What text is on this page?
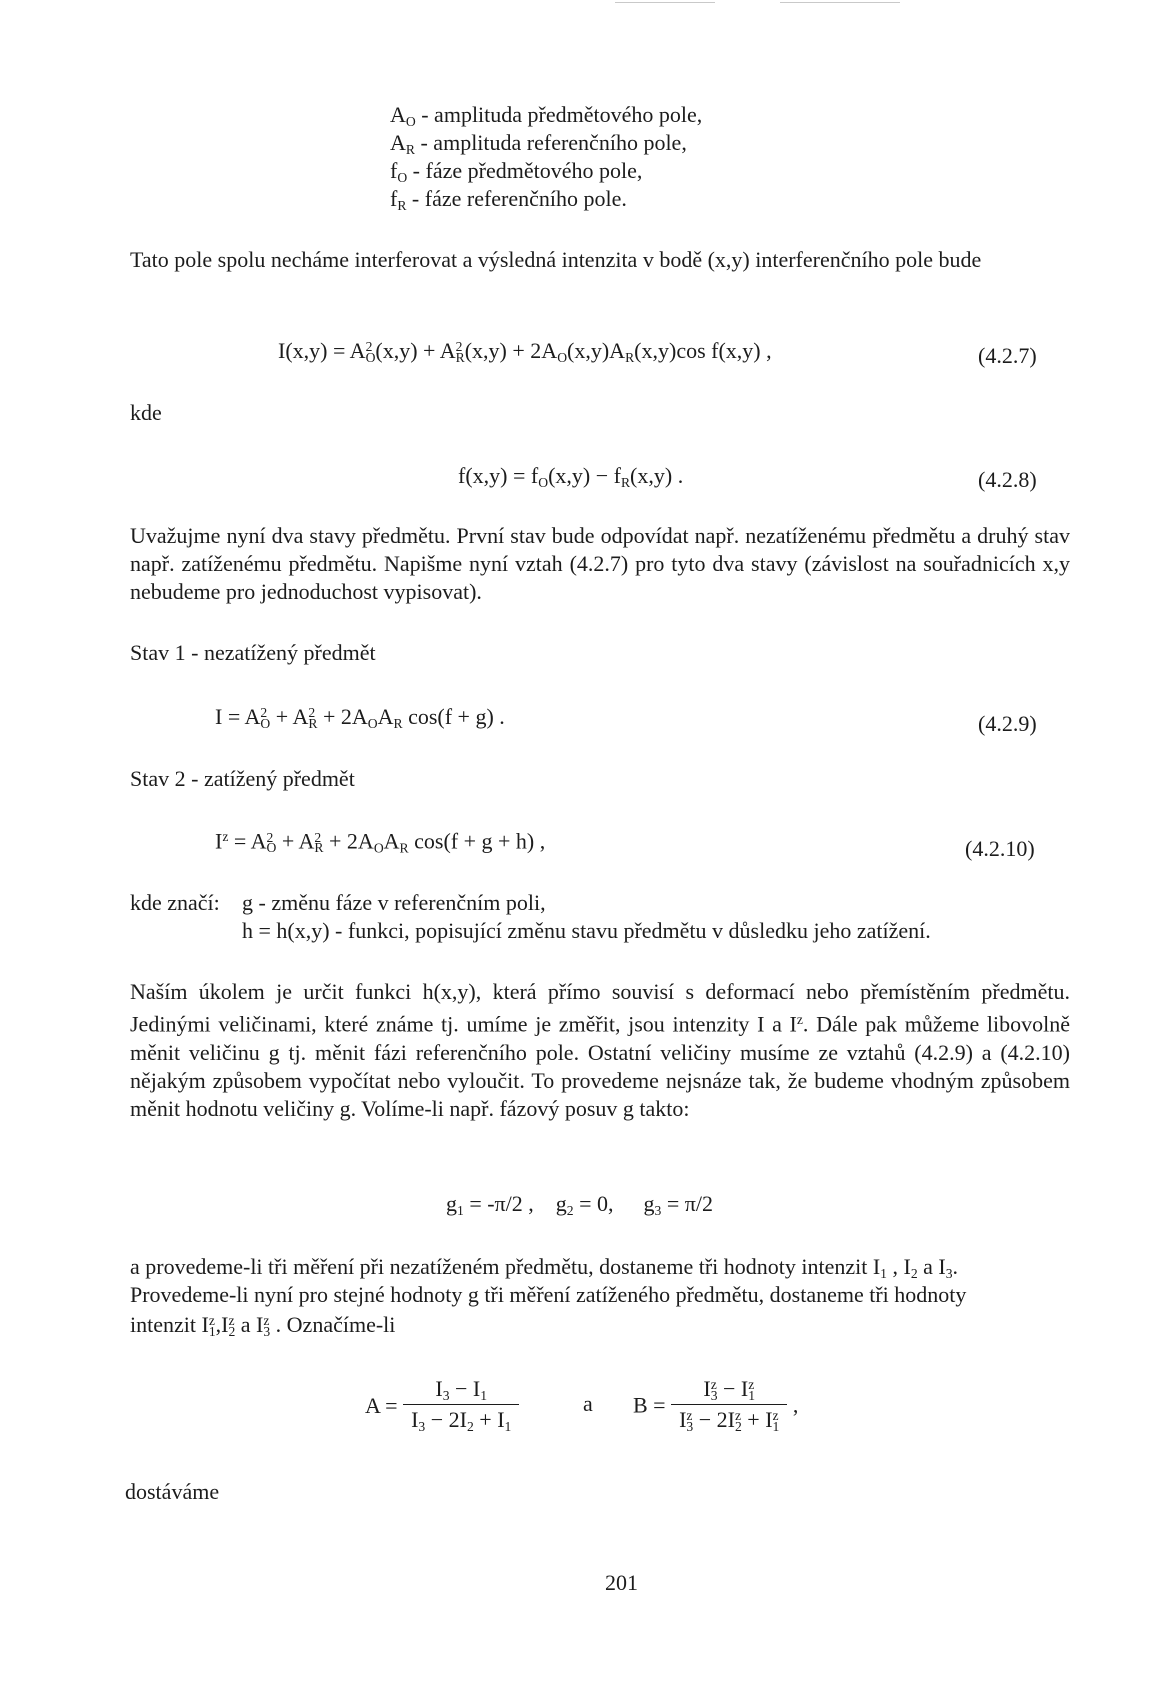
$A_O$ - amplituda předmětového pole,
$A_R$ - amplituda referenčního pole,
$f_O$ - fáze předmětového pole,
$f_R$ - fáze referenčního pole.
Tato pole spolu necháme interferovat a výsledná intenzita v bodě (x,y) interferenčního pole bude
I(x,y) = A 2
O (x,y) + A 2
R $(x,y) + 2A_O(x,y)A_R(x,y)\cos$ f(x,y) ,	(4.2.7)
kde
$f(x,y) = f_O(x,y) - f_R(x,y)$ .	(4.2.8)
Uvažujme nyní dva stavy předmětu. První stav bude odpovídat např. nezatíženému předmětu a druhý stav např. zatíženému předmětu. Napišme nyní vztah (4.2.7) pro tyto dva stavy (závislost na souřadnicích x,y nebudeme pro jednoduchost vypisovat).
Stav 1 - nezatížený předmět
I = A 2
O + A 2
$R + 2A_OA_R$ cos(f + g) .	(4.2.9)
Stav 2 - zatížený předmět
$I^z = A$ 2
O + A 2
$R + 2A_OA_R$ cos(f + g + h) ,	(4.2.10)
kde značí: g - změnu fáze v referenčním poli,
h = h(x,y) - funkci, popisující změnu stavu předmětu v důsledku jeho zatížení.
Naším úkolem je určit funkci h(x,y), která přímo souvisí s deformací nebo přemístěním předmětu. Jedinými veličinami, které známe tj. umíme je změřit, jsou intenzity I a $I^z$. Dále pak můžeme libovolně měnit veličinu g tj. měnit fázi referenčního pole. Ostatní veličiny musíme ze vztahů (4.2.9) a (4.2.10) nějakým způsobem vypočítat nebo vyloučit. To provedeme nejsnáze tak, že budeme vhodným způsobem měnit hodnotu veličiny g. Volíme-li např. fázový posuv g takto:
$g_1 = -\pi/2$ , $g_2 = 0$, $g_3 = \pi/2$
a provedeme-li tři měření při nezatíženém předmětu, dostaneme tři hodnoty intenzit $I_1$ , $I_2$ a $I_3$.
Provedeme-li nyní pro stejné hodnoty g tři měření zatíženého předmětu, dostaneme tři hodnoty
intenzit I z
1 ,I z
2 a I z
3 . Označíme-li
$A = \frac{I_3 - I_1}{I_3 - 2I_2 + I_1}$	a B = I z
3 − I z
1
I z
3 − 2I z
2 + I z
1 ,
dostáváme
201
